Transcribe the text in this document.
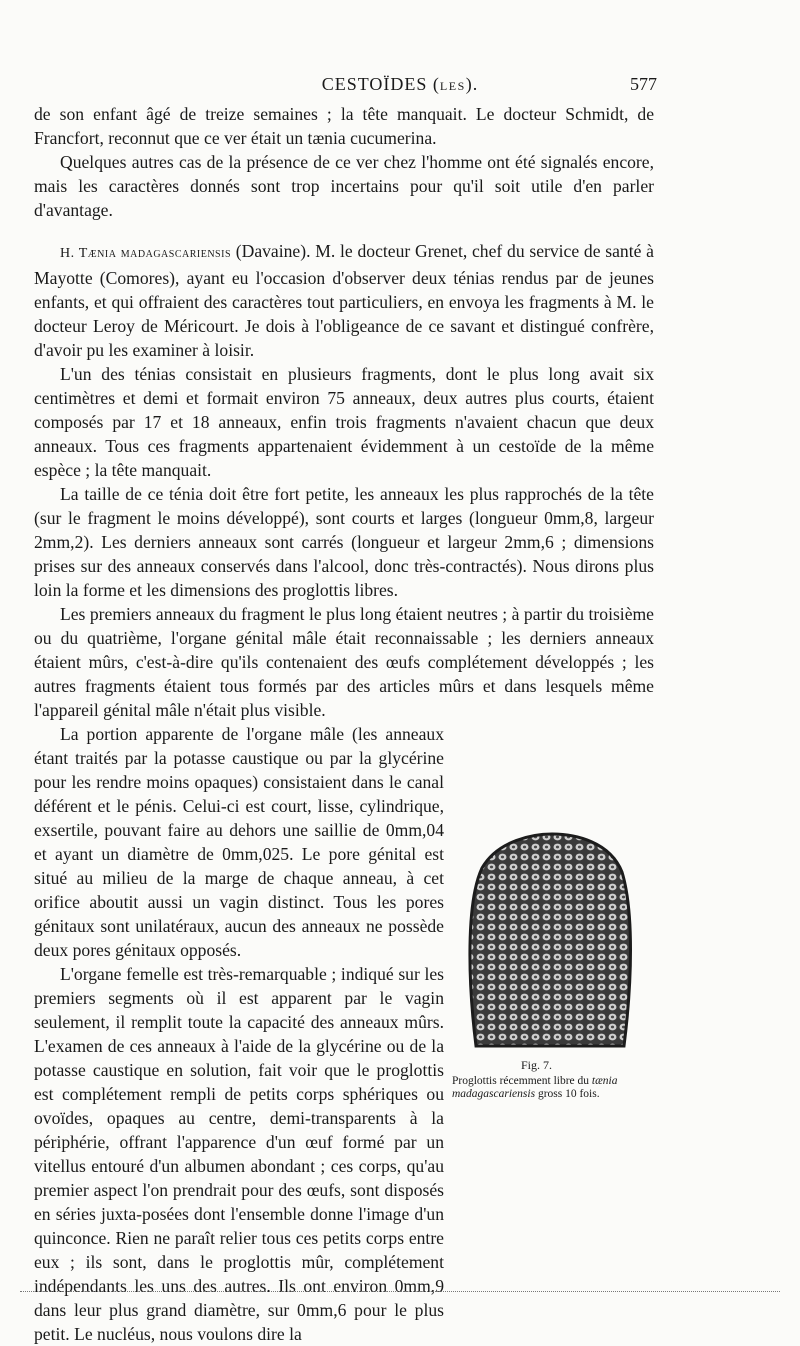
CESTOÏDES (LES).	577

de son enfant âgé de treize semaines ; la tête manquait. Le docteur Schmidt, de Francfort, reconnut que ce ver était un tænia cucumerina.

Quelques autres cas de la présence de ce ver chez l'homme ont été signalés encore, mais les caractères donnés sont trop incertains pour qu'il soit utile d'en parler d'avantage.

H. Tænia madagascariensis (Davaine). M. le docteur Grenet, chef du service de santé à Mayotte (Comores), ayant eu l'occasion d'observer deux ténias rendus par de jeunes enfants, et qui offraient des caractères tout particuliers, en envoya les fragments à M. le docteur Leroy de Méricourt. Je dois à l'obligeance de ce savant et distingué confrère, d'avoir pu les examiner à loisir.

L'un des ténias consistait en plusieurs fragments, dont le plus long avait six centimètres et demi et formait environ 75 anneaux, deux autres plus courts, étaient composés par 17 et 18 anneaux, enfin trois fragments n'avaient chacun que deux anneaux. Tous ces fragments appartenaient évidemment à un cestoïde de la même espèce ; la tête manquait.

La taille de ce ténia doit être fort petite, les anneaux les plus rapprochés de la tête (sur le fragment le moins développé), sont courts et larges (longueur 0mm,8, largeur 2mm,2). Les derniers anneaux sont carrés (longueur et largeur 2mm,6 ; dimensions prises sur des anneaux conservés dans l'alcool, donc très-contractés). Nous dirons plus loin la forme et les dimensions des proglottis libres.

Les premiers anneaux du fragment le plus long étaient neutres ; à partir du troisième ou du quatrième, l'organe génital mâle était reconnaissable ; les derniers anneaux étaient mûrs, c'est-à-dire qu'ils contenaient des œufs complétement développés ; les autres fragments étaient tous formés par des articles mûrs et dans lesquels même l'appareil génital mâle n'était plus visible.

La portion apparente de l'organe mâle (les anneaux étant traités par la potasse caustique ou par la glycérine pour les rendre moins opaques) consistaient dans le canal déférent et le pénis. Celui-ci est court, lisse, cylindrique, exsertile, pouvant faire au dehors une saillie de 0mm,04 et ayant un diamètre de 0mm,025. Le pore génital est situé au milieu de la marge de chaque anneau, à cet orifice aboutit aussi un vagin distinct. Tous les pores génitaux sont unilatéraux, aucun des anneaux ne possède deux pores génitaux opposés.

L'organe femelle est très-remarquable ; indiqué sur les premiers segments où il est apparent par le vagin seulement, il remplit toute la capacité des anneaux mûrs. L'examen de ces anneaux à l'aide de la glycérine ou de la potasse caustique en solution, fait voir que le proglottis est complétement rempli de petits corps sphériques ou ovoïdes, opaques au centre, demi-transparents à la périphérie, offrant l'apparence d'un œuf formé par un vitellus entouré d'un albumen abondant ; ces corps, qu'au premier aspect l'on prendrait pour des œufs, sont disposés en séries juxta-posées dont l'ensemble donne l'image d'un quinconce. Rien ne paraît relier tous ces petits corps entre eux ; ils sont, dans le proglottis mûr, complétement indépendants les uns des autres. Ils ont environ 0mm,9 dans leur plus grand diamètre, sur 0mm,6 pour le plus petit. Le nucléus, nous voulons dire la

Fig. 7.
Proglottis récemment libre du tænia madagascariensis gross 10 fois.
